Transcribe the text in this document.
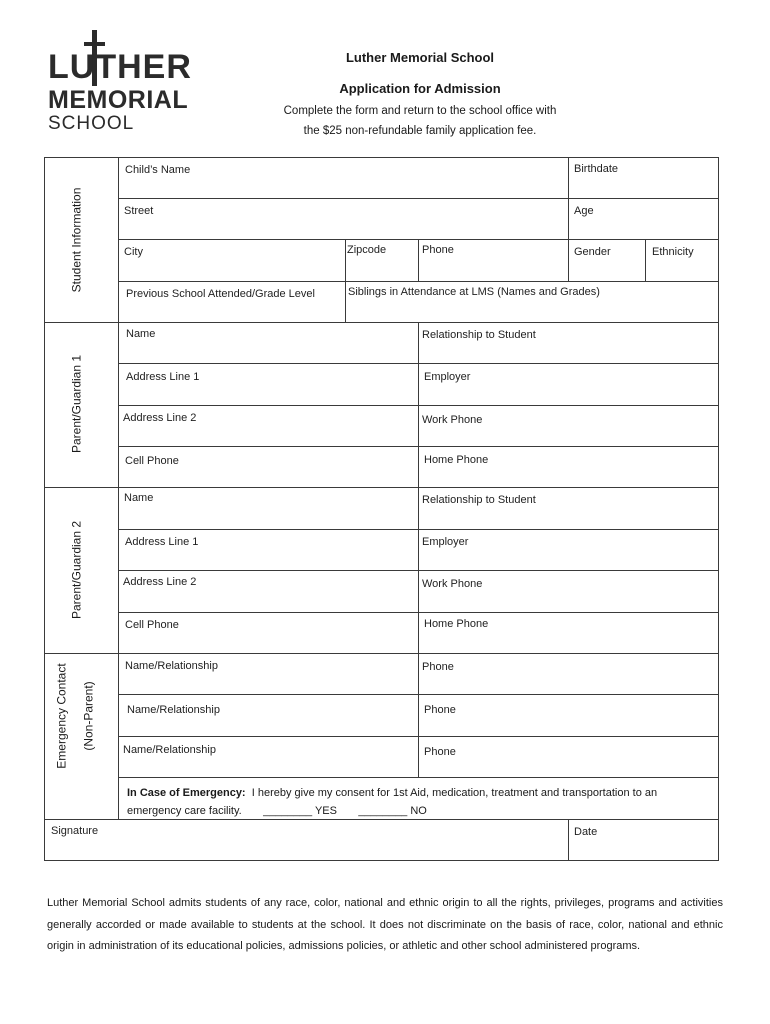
LUTHER
MEMORIAL
SCHOOL
Luther Memorial School
Application for Admission
Complete the form and return to the school office with
the $25 non-refundable family application fee.
Student Information
Parent/Guardian 1
Parent/Guardian 2
Emergency Contact (Non-Parent)
Child’s Name	Birthdate
Street	Age
City	Zipcode	Phone	Gender	Ethnicity
Previous School Attended/Grade Level	Siblings in Attendance at LMS (Names and Grades)
Name	Relationship to Student
Address Line 1	Employer
Address Line 2	Work Phone
Cell Phone	Home Phone
Name	Relationship to Student
Address Line 1	Employer
Address Line 2	Work Phone
Cell Phone	Home Phone
Name/Relationship	Phone
Name/Relationship	Phone
Name/Relationship	Phone
In Case of Emergency: I hereby give my consent for 1st Aid, medication, treatment and transportation to an
emergency care facility. ________ YES ________ NO
Signature	Date
Luther Memorial School admits students of any race, color, national and ethnic origin to all the rights, privileges, programs and activities generally accorded or made available to students at the school. It does not discriminate on the basis of race, color, national and ethnic origin in administration of its educational policies, admissions policies, or athletic and other school administered programs.
